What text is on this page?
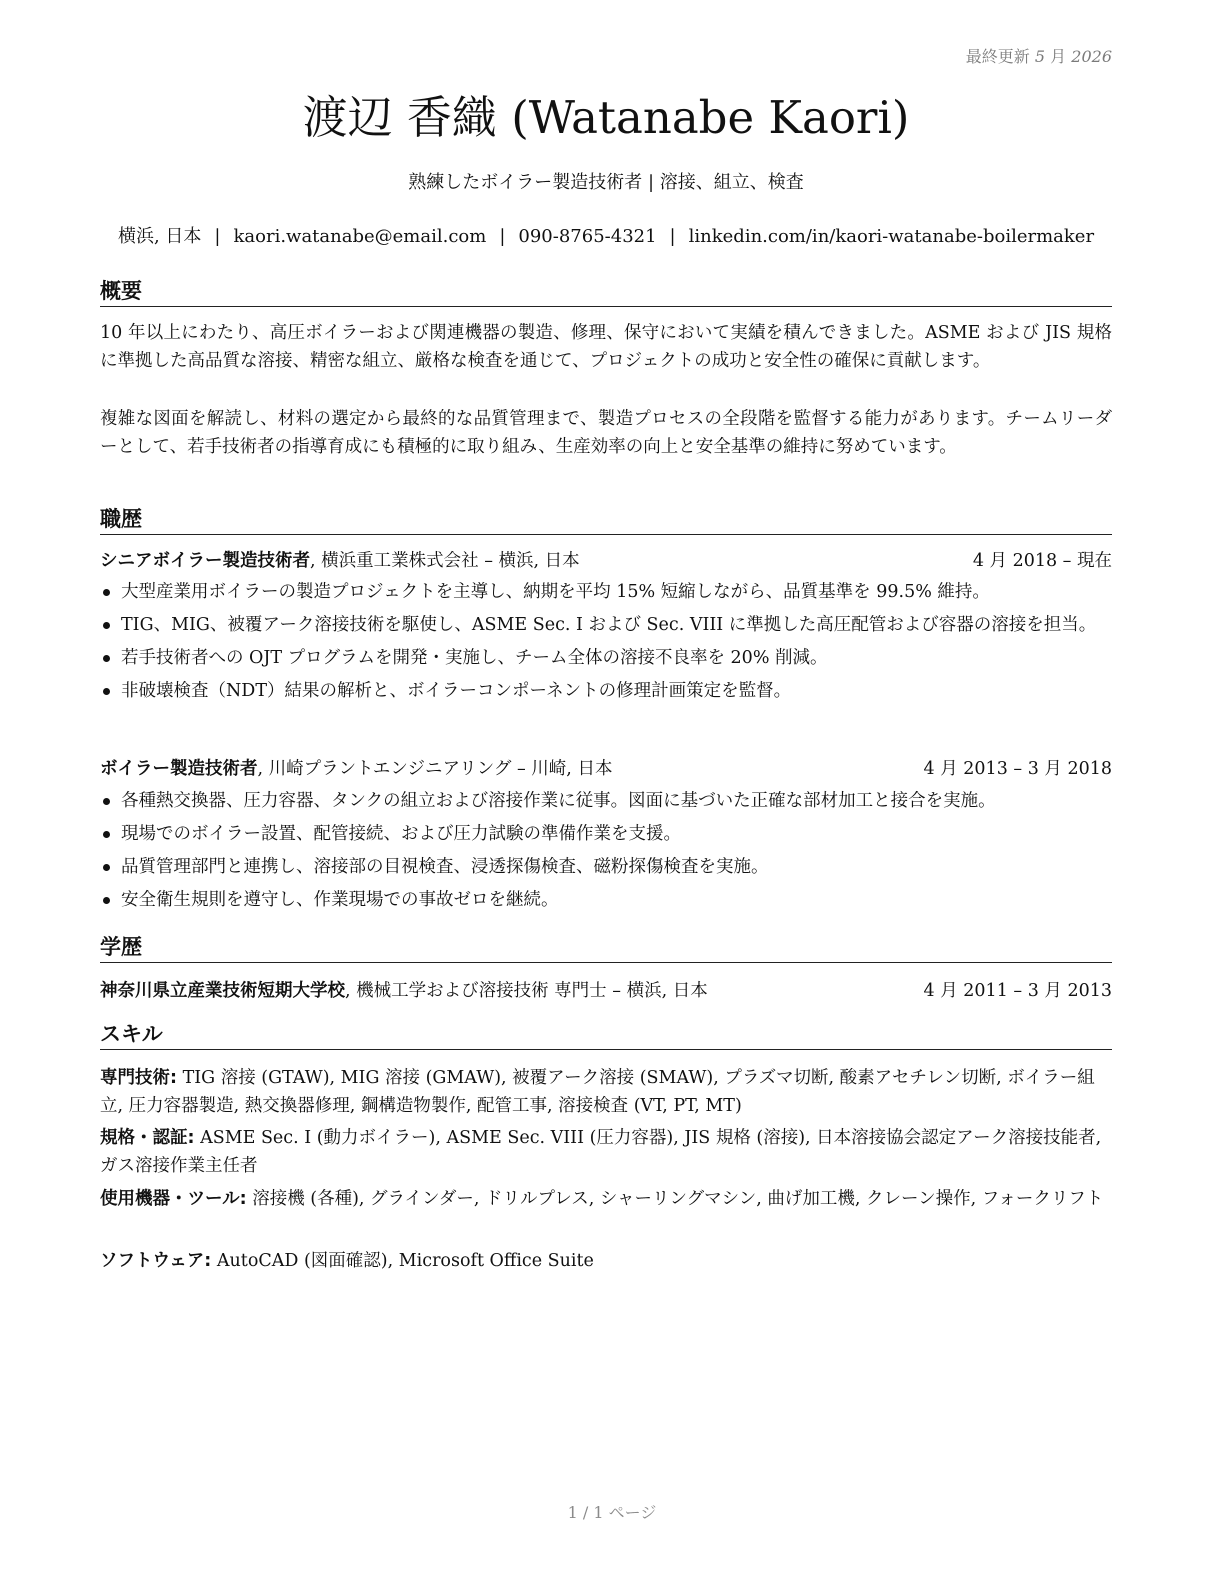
最終更新 5 月 2026
渡辺 香織 (Watanabe Kaori)
熟練したボイラー製造技術者 | 溶接、組立、検査
横浜, 日本 | kaori.watanabe@email.com | 090-8765-4321 | linkedin.com/in/kaori-watanabe-boilermaker
概要
10 年以上にわたり、高圧ボイラーおよび関連機器の製造、修理、保守において実績を積んできました。ASME および JIS 規格に準拠した高品質な溶接、精密な組立、厳格な検査を通じて、プロジェクトの成功と安全性の確保に貢献します。
複雑な図面を解読し、材料の選定から最終的な品質管理まで、製造プロセスの全段階を監督する能力があります。チームリーダーとして、若手技術者の指導育成にも積極的に取り組み、生産効率の向上と安全基準の維持に努めています。
職歴
シニアボイラー製造技術者, 横浜重工業株式会社 – 横浜, 日本	4 月 2018 – 現在
大型産業用ボイラーの製造プロジェクトを主導し、納期を平均 15% 短縮しながら、品質基準を 99.5% 維持。
TIG、MIG、被覆アーク溶接技術を駆使し、ASME Sec. I および Sec. VIII に準拠した高圧配管および容器の溶接を担当。
若手技術者への OJT プログラムを開発・実施し、チーム全体の溶接不良率を 20% 削減。
非破壊検査（NDT）結果の解析と、ボイラーコンポーネントの修理計画策定を監督。
ボイラー製造技術者, 川崎プラントエンジニアリング – 川崎, 日本	4 月 2013 – 3 月 2018
各種熱交換器、圧力容器、タンクの組立および溶接作業に従事。図面に基づいた正確な部材加工と接合を実施。
現場でのボイラー設置、配管接続、および圧力試験の準備作業を支援。
品質管理部門と連携し、溶接部の目視検査、浸透探傷検査、磁粉探傷検査を実施。
安全衛生規則を遵守し、作業現場での事故ゼロを継続。
学歴
神奈川県立産業技術短期大学校, 機械工学および溶接技術 専門士 – 横浜, 日本	4 月 2011 – 3 月 2013
スキル
専門技術: TIG 溶接 (GTAW), MIG 溶接 (GMAW), 被覆アーク溶接 (SMAW), プラズマ切断, 酸素アセチレン切断, ボイラー組立, 圧力容器製造, 熱交換器修理, 鋼構造物製作, 配管工事, 溶接検査 (VT, PT, MT)
規格・認証: ASME Sec. I (動力ボイラー), ASME Sec. VIII (圧力容器), JIS 規格 (溶接), 日本溶接協会認定アーク溶接技能者, ガス溶接作業主任者
使用機器・ツール: 溶接機 (各種), グラインダー, ドリルプレス, シャーリングマシン, 曲げ加工機, クレーン操作, フォークリフト
ソフトウェア: AutoCAD (図面確認), Microsoft Office Suite
1 / 1 ページ
